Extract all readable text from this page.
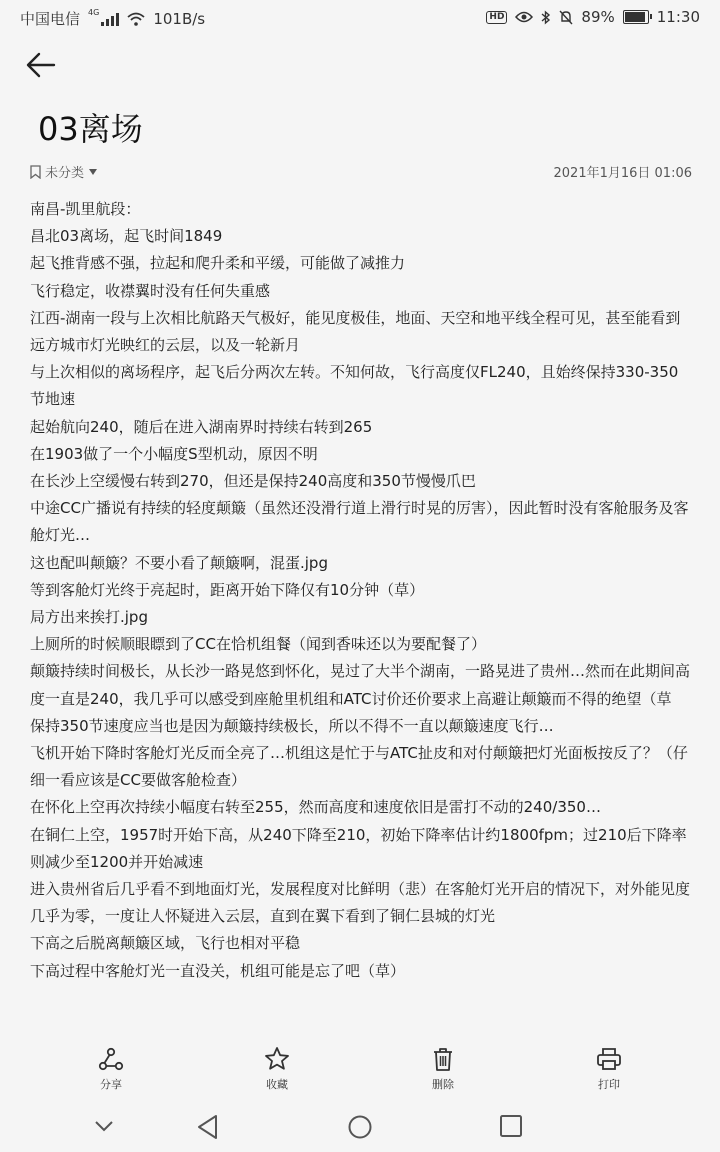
中国电信 4G	101B/s	HD	89%	11:30
03离场
未分类	2021年1月16日 01:06

南昌-凯里航段：

昌北03离场，起飞时间1849

起飞推背感不强，拉起和爬升柔和平缓，可能做了减推力

飞行稳定，收襟翼时没有任何失重感

江西-湖南一段与上次相比航路天气极好，能见度极佳，地面、天空和地平线全程可见，甚至能看到远方城市灯光映红的云层，以及一轮新月

与上次相似的离场程序，起飞后分两次左转。不知何故，飞行高度仅FL240，且始终保持330-350节地速

起始航向240，随后在进入湖南界时持续右转到265

在1903做了一个小幅度S型机动，原因不明

在长沙上空缓慢右转到270，但还是保持240高度和350节慢慢爪巴

中途CC广播说有持续的轻度颠簸（虽然还没滑行道上滑行时晃的厉害），因此暂时没有客舱服务及客舱灯光…

这也配叫颠簸？不要小看了颠簸啊，混蛋.jpg

等到客舱灯光终于亮起时，距离开始下降仅有10分钟（草）

局方出来挨打.jpg

上厕所的时候顺眼瞟到了CC在恰机组餐（闻到香味还以为要配餐了）

颠簸持续时间极长，从长沙一路晃悠到怀化，晃过了大半个湖南，一路晃进了贵州…然而在此期间高度一直是240，我几乎可以感受到座舱里机组和ATC讨价还价要求上高避让颠簸而不得的绝望（草

保持350节速度应当也是因为颠簸持续极长，所以不得不一直以颠簸速度飞行…

飞机开始下降时客舱灯光反而全亮了…机组这是忙于与ATC扯皮和对付颠簸把灯光面板按反了？（仔细一看应该是CC要做客舱检查）

在怀化上空再次持续小幅度右转至255，然而高度和速度依旧是雷打不动的240/350…

在铜仁上空，1957时开始下高，从240下降至210，初始下降率估计约1800fpm；过210后下降率则减少至1200并开始减速

进入贵州省后几乎看不到地面灯光，发展程度对比鲜明（悲）在客舱灯光开启的情况下，对外能见度几乎为零，一度让人怀疑进入云层，直到在翼下看到了铜仁县城的灯光

下高之后脱离颠簸区域，飞行也相对平稳

下高过程中客舱灯光一直没关，机组可能是忘了吧（草）

分享	收藏	删除	打印
